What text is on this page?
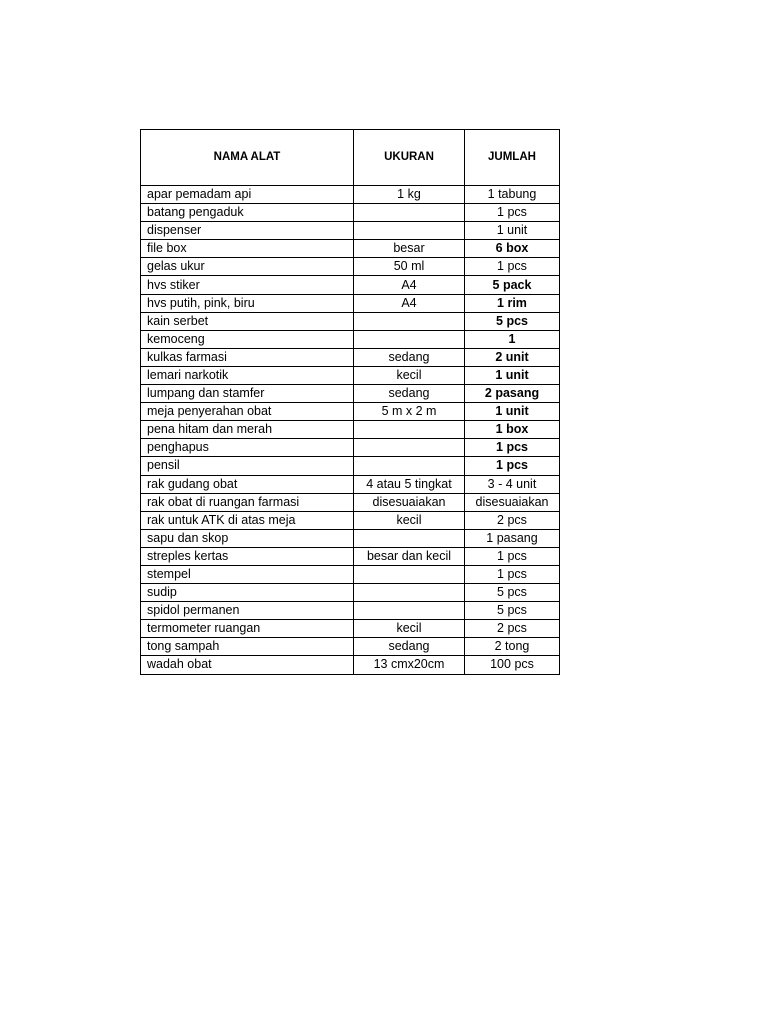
NAMA ALAT	UKURAN	JUMLAH
apar pemadam api	1 kg	1 tabung
batang pengaduk		1 pcs
dispenser		1 unit
file box	besar	6 box
gelas ukur	50 ml	1 pcs
hvs stiker	A4	5 pack
hvs putih, pink, biru	A4	1 rim
kain serbet		5 pcs
kemoceng		1
kulkas farmasi	sedang	2 unit
lemari narkotik	kecil	1 unit
lumpang dan stamfer	sedang	2 pasang
meja penyerahan obat	5 m x 2 m	1 unit
pena hitam dan merah		1 box
penghapus		1 pcs
pensil		1 pcs
rak gudang obat	4 atau 5 tingkat	3 - 4 unit
rak obat di ruangan farmasi	disesuaiakan	disesuaiakan
rak untuk ATK di atas meja	kecil	2 pcs
sapu dan skop		1 pasang
streples kertas	besar dan kecil	1 pcs
stempel		1 pcs
sudip		5 pcs
spidol permanen		5 pcs
termometer ruangan	kecil	2 pcs
tong sampah	sedang	2 tong
wadah obat	13 cmx20cm	100 pcs
